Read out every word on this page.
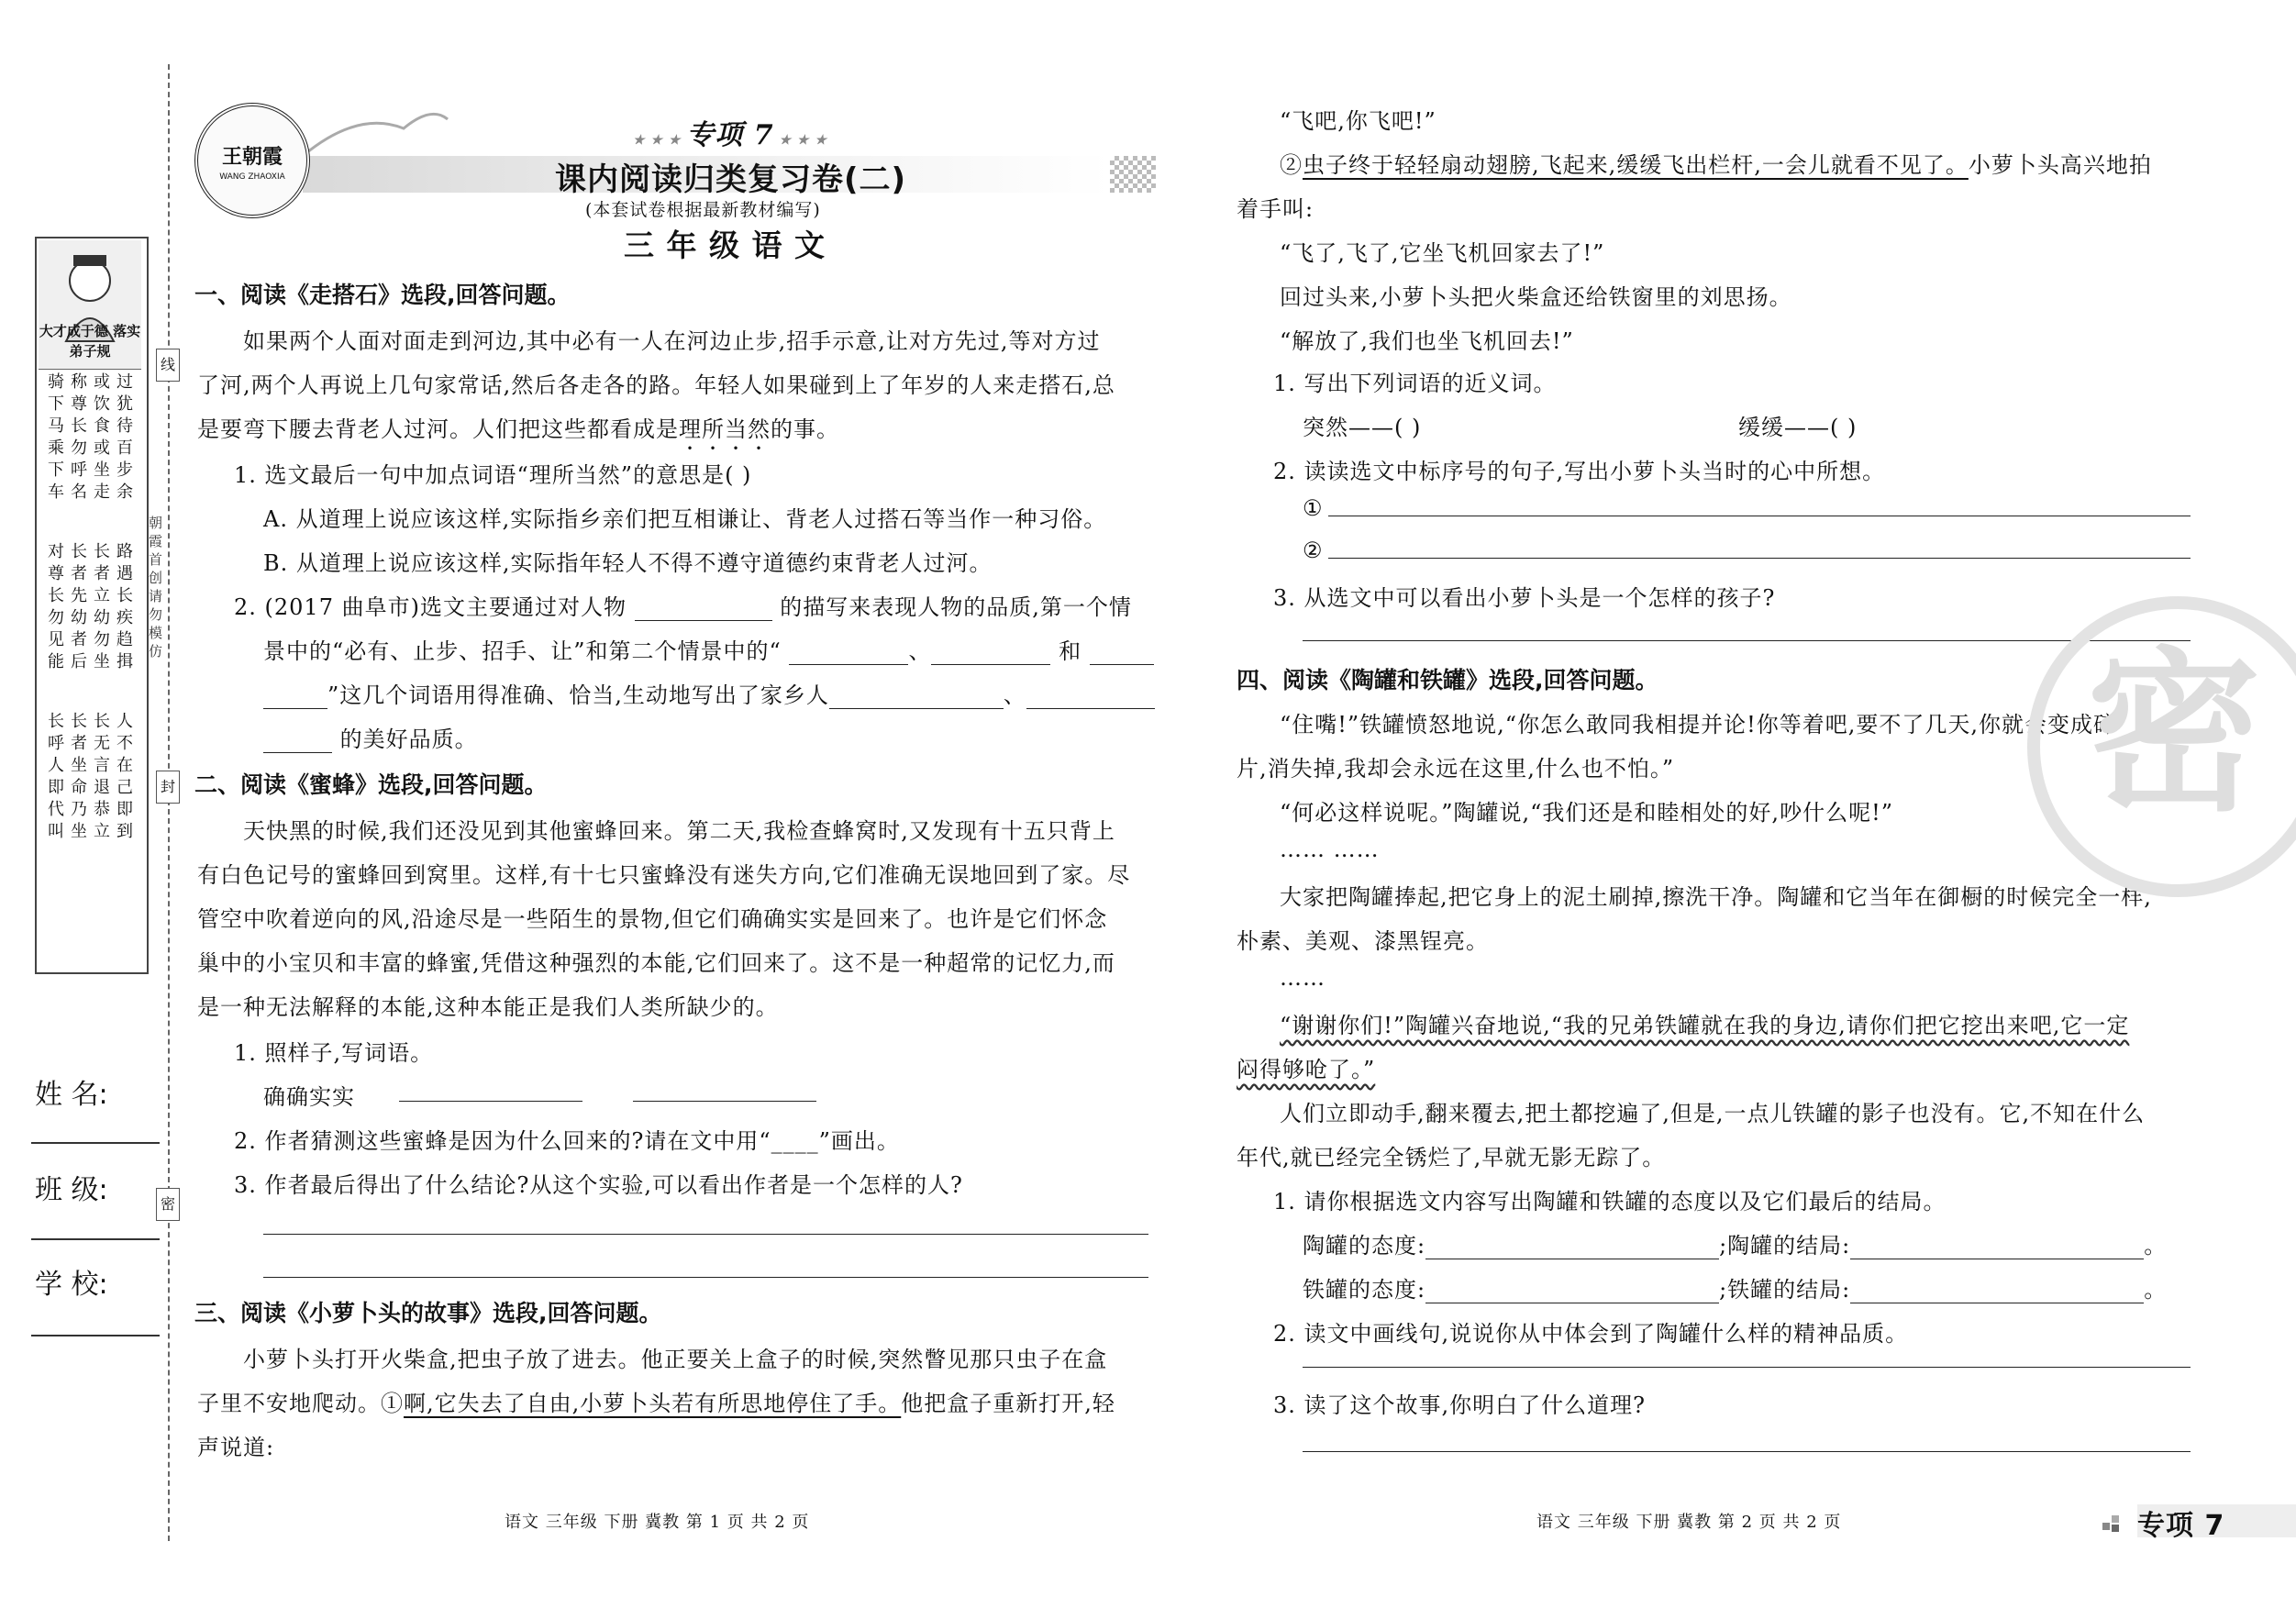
线
封
密
大才成于德 落实弟子规
骑下马乘下车
称尊长勿呼名
或饮食或坐走
过犹待百步余
对尊长勿见能
长者先幼者后
长者立幼勿坐
路遇长疾趋揖
长呼人即代叫
长者坐命乃坐
长无言退恭立
人不在己即到
朝霞首创 请勿模仿
姓 名:
班 级:
学 校:
王朝霞
WANG ZHAOXIA
★ ★ ★ 专项 7 ★ ★ ★
课内阅读归类复习卷(二)
(本套试卷根据最新教材编写)
三 年 级 语 文
一、阅读《走搭石》选段,回答问题。
如果两个人面对面走到河边,其中必有一人在河边止步,招手示意,让对方先过,等对方过
了河,两个人再说上几句家常话,然后各走各的路。年轻人如果碰到上了年岁的人来走搭石,总
是要弯下腰去背老人过河。人们把这些都看成是理所当然的事。
1. 选文最后一句中加点词语“理所当然”的意思是( )
A. 从道理上说应该这样,实际指乡亲们把互相谦让、背老人过搭石等当作一种习俗。
B. 从道理上说应该这样,实际指年轻人不得不遵守道德约束背老人过河。
2. (2017 曲阜市)选文主要通过对人物	的描写来表现人物的品质,第一个情
景中的“必有、止步、招手、让”和第二个情景中的“	、	和
”这几个词语用得准确、恰当,生动地写出了家乡人	、
的美好品质。
二、阅读《蜜蜂》选段,回答问题。
天快黑的时候,我们还没见到其他蜜蜂回来。第二天,我检查蜂窝时,又发现有十五只背上
有白色记号的蜜蜂回到窝里。这样,有十七只蜜蜂没有迷失方向,它们准确无误地回到了家。尽
管空中吹着逆向的风,沿途尽是一些陌生的景物,但它们确确实实是回来了。也许是它们怀念
巢中的小宝贝和丰富的蜂蜜,凭借这种强烈的本能,它们回来了。这不是一种超常的记忆力,而
是一种无法解释的本能,这种本能正是我们人类所缺少的。
1. 照样子,写词语。
确确实实
2. 作者猜测这些蜜蜂是因为什么回来的?请在文中用“____”画出。
3. 作者最后得出了什么结论?从这个实验,可以看出作者是一个怎样的人?
三、阅读《小萝卜头的故事》选段,回答问题。
小萝卜头打开火柴盒,把虫子放了进去。他正要关上盒子的时候,突然瞥见那只虫子在盒
子里不安地爬动。①啊,它失去了自由,小萝卜头若有所思地停住了手。他把盒子重新打开,轻
声说道:
语文 三年级 下册 冀教 第 1 页 共 2 页
“飞吧,你飞吧!”
②虫子终于轻轻扇动翅膀,飞起来,缓缓飞出栏杆,一会儿就看不见了。小萝卜头高兴地拍
着手叫:
“飞了,飞了,它坐飞机回家去了!”
回过头来,小萝卜头把火柴盒还给铁窗里的刘思扬。
“解放了,我们也坐飞机回去!”
1. 写出下列词语的近义词。
突然——( )	缓缓——( )
2. 读读选文中标序号的句子,写出小萝卜头当时的心中所想。
①
②
3. 从选文中可以看出小萝卜头是一个怎样的孩子?
四、阅读《陶罐和铁罐》选段,回答问题。
“住嘴!”铁罐愤怒地说,“你怎么敢同我相提并论!你等着吧,要不了几天,你就会变成碎
片,消失掉,我却会永远在这里,什么也不怕。”
“何必这样说呢。”陶罐说,“我们还是和睦相处的好,吵什么呢!”
…… ……
大家把陶罐捧起,把它身上的泥土刷掉,擦洗干净。陶罐和它当年在御橱的时候完全一样,
朴素、美观、漆黑锃亮。
……
“谢谢你们!”陶罐兴奋地说,“我的兄弟铁罐就在我的身边,请你们把它挖出来吧,它一定
闷得够呛了。”
人们立即动手,翻来覆去,把土都挖遍了,但是,一点儿铁罐的影子也没有。它,不知在什么
年代,就已经完全锈烂了,早就无影无踪了。
1. 请你根据选文内容写出陶罐和铁罐的态度以及它们最后的结局。
陶罐的态度:	;陶罐的结局:	。
铁罐的态度:	;铁罐的结局:	。
2. 读文中画线句,说说你从中体会到了陶罐什么样的精神品质。
3. 读了这个故事,你明白了什么道理?
语文 三年级 下册 冀教 第 2 页 共 2 页
密
专项 7
